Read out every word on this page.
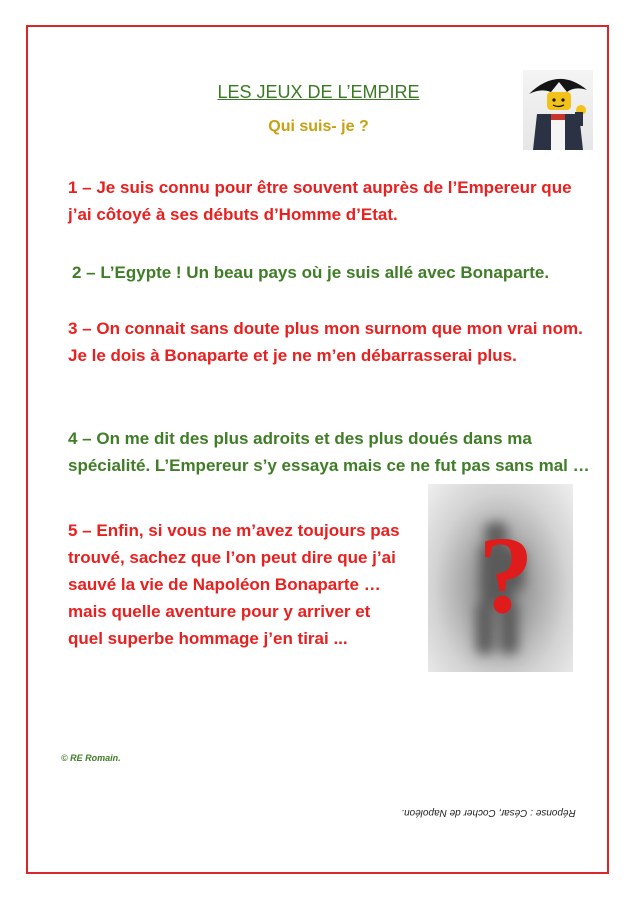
LES JEUX DE L’EMPIRE
Qui suis- je ?

1 – Je suis connu pour être souvent auprès de l’Empereur que j’ai côtoyé à ses débuts d’Homme d’Etat.

2 – L’Egypte ! Un beau pays où je suis allé avec Bonaparte.

3 – On connait sans doute plus mon surnom que mon vrai nom. Je le dois à Bonaparte et je ne m’en débarrasserai plus.

4 – On me dit des plus adroits et des plus doués dans ma spécialité. L’Empereur s’y essaya mais ce ne fut pas sans mal …

5 – Enfin, si vous ne m’avez toujours pas trouvé, sachez que l’on peut dire que j’ai sauvé la vie de Napoléon Bonaparte … mais quelle aventure pour y arriver et quel superbe hommage j’en tirai ...

?
© RE Romain.
Réponse : César, Cocher de Napoléon.
